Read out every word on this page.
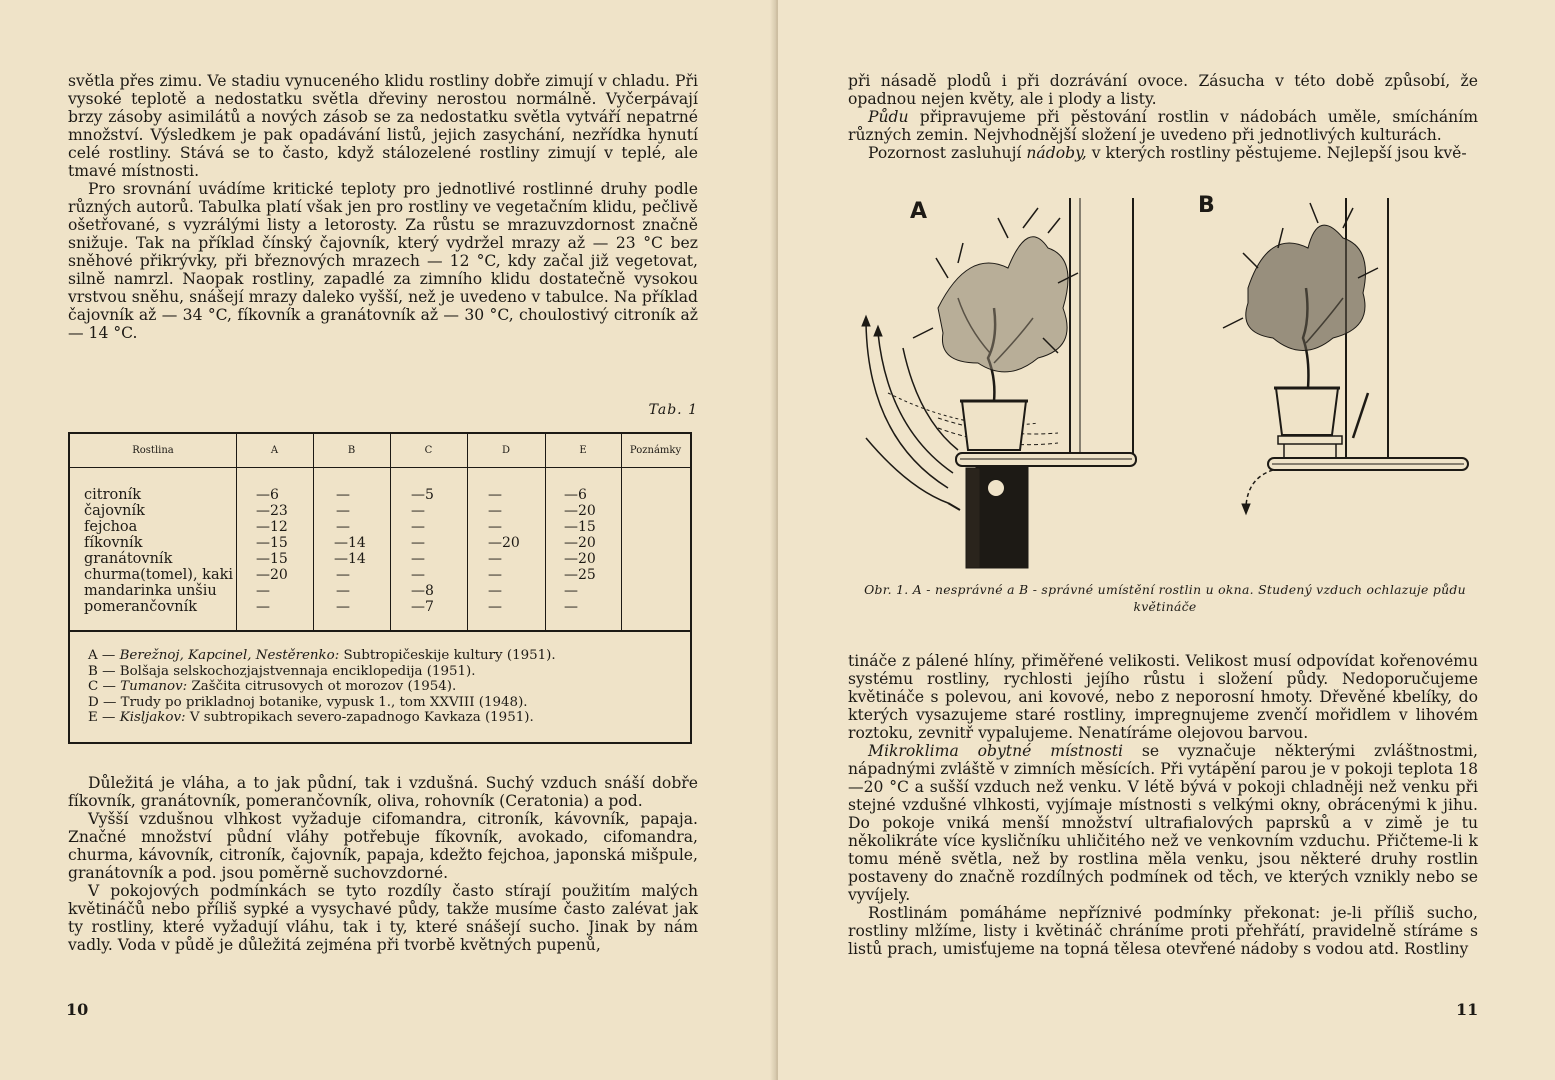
světla přes zimu. Ve stadiu vynuceného klidu rostliny dobře zimují v chladu. Při vysoké teplotě a nedostatku světla dřeviny nerostou normálně. Vyčerpávají brzy zásoby asimilátů a nových zásob se za nedostatku světla vytváří nepatrné množství. Výsledkem je pak opadávání listů, jejich zasychání, nezřídka hynutí celé rostliny. Stává se to často, když stálozelené rostliny zimují v teplé, ale tmavé místnosti.

Pro srovnání uvádíme kritické teploty pro jednotlivé rostlinné druhy podle různých autorů. Tabulka platí však jen pro rostliny ve vegetačním klidu, pečlivě ošetřované, s vyzrálými listy a letorosty. Za růstu se mrazuvzdornost značně snižuje. Tak na příklad čínský čajovník, který vydržel mrazy až — 23 °C bez sněhové přikrývky, při březnových mrazech — 12 °C, kdy začal již vegetovat, silně namrzl. Naopak rostliny, zapadlé za zimního klidu dostatečně vysokou vrstvou sněhu, snášejí mrazy daleko vyšší, než je uvedeno v tabulce. Na příklad čajovník až — 34 °C, fíkovník a granátovník až — 30 °C, choulostivý citroník až — 14 °C.

Tab. 1
Rostlina	A	B	C	D	E	Poznámky
citroník	—6	—	—5	—	—6
čajovník	—23	—	—	—	—20
fejchoa	—12	—	—	—	—15
fíkovník	—15	—14	—	—20	—20
granátovník	—15	—14	—	—	—20
churma(tomel), kaki —20	—	—	—	—25
mandarinka unšiu	—	—	—8	—	—
pomerančovník	—	—	—7	—	—
A — Berežnoj, Kapcinel, Nestěrenko: Subtropičeskije kultury (1951).
B — Bolšaja selskochozjajstvennaja enciklopedija (1951).
C — Tumanov: Zaščita citrusovych ot morozov (1954).
D — Trudy po prikladnoj botanike, vypusk 1., tom XXVIII (1948).
E — Kisljakov: V subtropikach severo-zapadnogo Kavkaza (1951).

Důležitá je vláha, a to jak půdní, tak i vzdušná. Suchý vzduch snáší dobře fíkovník, granátovník, pomerančovník, oliva, rohovník (Ceratonia) a pod.

Vyšší vzdušnou vlhkost vyžaduje cifomandra, citroník, kávovník, papaja. Značné množství půdní vláhy potřebuje fíkovník, avokado, cifomandra, churma, kávovník, citroník, čajovník, papaja, kdežto fejchoa, japonská mišpule, granátovník a pod. jsou poměrně suchovzdorné.

V pokojových podmínkách se tyto rozdíly často stírají použitím malých květináčů nebo příliš sypké a vysychavé půdy, takže musíme často zalévat jak ty rostliny, které vyžadují vláhu, tak i ty, které snášejí sucho. Jinak by nám vadly. Voda v půdě je důležitá zejména při tvorbě květných pupenů,

10

při násadě plodů i při dozrávání ovoce. Zásucha v této době způsobí, že opadnou nejen květy, ale i plody a listy.

Půdu připravujeme při pěstování rostlin v nádobách uměle, smícháním různých zemin. Nejvhodnější složení je uvedeno při jednotlivých kulturách.

Pozornost zasluhují nádoby, v kterých rostliny pěstujeme. Nejlepší jsou kvě-

A	B
Obr. 1. A - nesprávné a B - správné umístění rostlin u okna. Studený vzduch ochlazuje půdu květináče

tináče z pálené hlíny, přiměřené velikosti. Velikost musí odpovídat kořenovému systému rostliny, rychlosti jejího růstu i složení půdy. Nedoporučujeme květináče s polevou, ani kovové, nebo z neporosní hmoty. Dřevěné kbelíky, do kterých vysazujeme staré rostliny, impregnujeme zvenčí mořidlem v lihovém roztoku, zevnitř vypalujeme. Nenatíráme olejovou barvou.

Mikroklima obytné místnosti se vyznačuje některými zvláštnostmi, nápadnými zvláště v zimních měsících. Při vytápění parou je v pokoji teplota 18—20 °C a sušší vzduch než venku. V létě bývá v pokoji chladněji než venku při stejné vzdušné vlhkosti, vyjímaje místnosti s velkými okny, obrácenými k jihu. Do pokoje vniká menší množství ultrafialových paprsků a v zimě je tu několikráte více kysličníku uhličitého než ve venkovním vzduchu. Přičteme-li k tomu méně světla, než by rostlina měla venku, jsou některé druhy rostlin postaveny do značně rozdílných podmínek od těch, ve kterých vznikly nebo se vyvíjely.

Rostlinám pomáháme nepříznivé podmínky překonat: je-li příliš sucho, rostliny mlžíme, listy i květináč chráníme proti přehřátí, pravidelně stíráme s listů prach, umisťujeme na topná tělesa otevřené nádoby s vodou atd. Rostliny

11
